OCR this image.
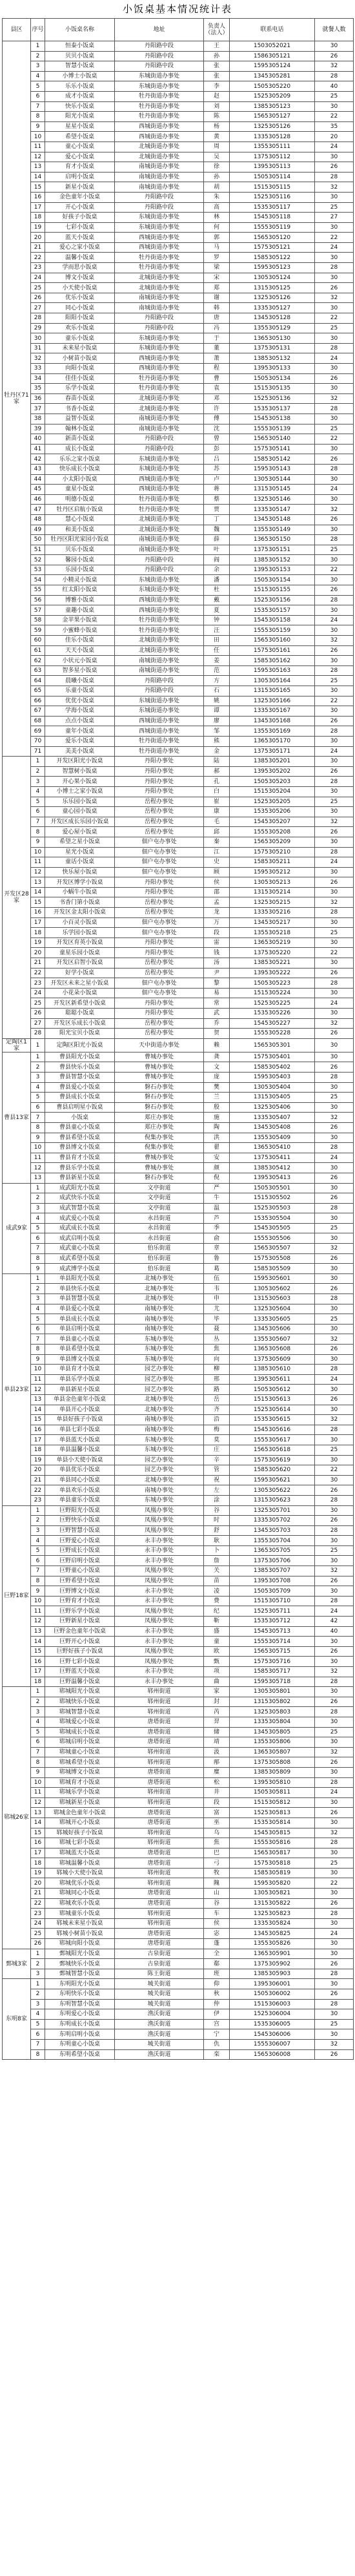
小饭桌基本情况统计表
县区	序号	小饭桌名称	地址	负责人（法人）	联系电话	就餐人数
牡丹区71家	1	恒泰小饭桌	丹阳路中段	王	1503052021	30
	2	贝贝小饭桌	丹阳路中段	孙	1586305121	26
	3	智慧小饭桌	丹阳路中段	张	1595305124	32
	4	小博士小饭桌	东城街道办事处	张	1345305281	28
	5	乐乐小饭桌	东城街道办事处	李	1505305220	40
	6	成才小饭桌	牡丹街道办事处	赵	1525305209	25
	7	快乐小饭桌	牡丹街道办事处	刘	1385305123	30
	8	阳光小饭桌	牡丹街道办事处	陈	1565305127	22
	9	星星小饭桌	西城街道办事处	杨	1325305126	35
	10	希望小饭桌	西城街道办事处	黄	1335305128	20
	11	童心小饭桌	北城街道办事处	周	1355305111	24
	12	爱心小饭桌	北城街道办事处	吴	1375305112	30
	13	育才小饭桌	南城街道办事处	徐	1395305113	26
	14	启明小饭桌	南城街道办事处	孙	1505305114	28
	15	新星小饭桌	南城街道办事处	胡	1515305115	32
	16	金色童年小饭桌	丹阳路中段	朱	1525305116	30
	17	开心小饭桌	丹阳路中段	高	1535305117	25
	18	好孩子小饭桌	东城街道办事处	林	1545305118	27
	19	七彩小饭桌	东城街道办事处	何	1555305119	30
	20	蓝天小饭桌	西城街道办事处	郭	1565305120	22
	21	爱心之家小饭桌	西城街道办事处	马	1575305121	24
	22	温馨小饭桌	牡丹街道办事处	罗	1585305122	30
	23	学而思小饭桌	牡丹街道办事处	梁	1595305123	28
	24	博文小饭桌	北城街道办事处	宋	1305305124	30
	25	小天使小饭桌	北城街道办事处	郑	1315305125	26
	26	优乐小饭桌	南城街道办事处	谢	1325305126	32
	27	同心小饭桌	南城街道办事处	韩	1335305127	30
	28	阳阳小饭桌	丹阳路中段	唐	1345305128	22
	29	欢乐小饭桌	丹阳路中段	冯	1355305129	25
	30	童乐小饭桌	东城街道办事处	于	1365305130	30
	31	未来星小饭桌	东城街道办事处	董	1375305131	28
	32	小树苗小饭桌	西城街道办事处	萧	1385305132	24
	33	向阳小饭桌	西城街道办事处	程	1395305133	30
	34	佳佳小饭桌	牡丹街道办事处	曹	1505305134	26
	35	乐学小饭桌	牡丹街道办事处	袁	1515305135	30
	36	春苗小饭桌	北城街道办事处	邓	1525305136	32
	37	书香小饭桌	北城街道办事处	许	1535305137	28
	38	益智小饭桌	南城街道办事处	傅	1545305138	30
	39	翰林小饭桌	南城街道办事处	沈	1555305139	25
	40	新苗小饭桌	丹阳路中段	曾	1565305140	22
	41	成长小饭桌	丹阳路中段	彭	1575305141	30
	42	乐乐之家小饭桌	东城街道办事处	吕	1585305142	26
	43	快乐成长小饭桌	东城街道办事处	苏	1595305143	28
	44	小太阳小饭桌	西城街道办事处	卢	1305305144	30
	45	童星小饭桌	西城街道办事处	蒋	1315305145	24
	46	明德小饭桌	牡丹街道办事处	蔡	1325305146	30
	47	牡丹区启航小饭桌	牡丹街道办事处	贾	1335305147	32
	48	慧心小饭桌	北城街道办事处	丁	1345305148	26
	49	和美小饭桌	北城街道办事处	魏	1355305149	30
	50	牡丹区阳光家园小饭桌	南城街道办事处	薛	1365305150	28
	51	贝乐小饭桌	南城街道办事处	叶	1375305151	25
	52	馨园小饭桌	丹阳路中段	阎	1385305152	30
	53	乐园小饭桌	丹阳路中段	余	1395305153	22
	54	小精灵小饭桌	东城街道办事处	潘	1505305154	30
	55	红太阳小饭桌	东城街道办事处	杜	1515305155	26
	56	博雅小饭桌	西城街道办事处	戴	1525305156	28
	57	童趣小饭桌	西城街道办事处	夏	1535305157	30
	58	金苹果小饭桌	牡丹街道办事处	钟	1545305158	24
	59	小蜜蜂小饭桌	牡丹街道办事处	汪	1555305159	30
	60	佳乐小饭桌	北城街道办事处	田	1565305160	32
	61	天天小饭桌	北城街道办事处	任	1575305161	26
	62	小状元小饭桌	南城街道办事处	姜	1585305162	30
	63	智多星小饭桌	南城街道办事处	范	1595305163	28
	64	晨曦小饭桌	丹阳路中段	方	1305305164	25
	65	乐童小饭桌	丹阳路中段	石	1315305165	30
	66	优优小饭桌	东城街道办事处	姚	1325305166	22
	67	学海小饭桌	东城街道办事处	谭	1335305167	30
	68	点点小饭桌	西城街道办事处	廖	1345305168	26
	69	童年小饭桌	西城街道办事处	邹	1355305169	28
	70	爱乐小饭桌	牡丹街道办事处	熊	1365305170	30
	71	美美小饭桌	牡丹街道办事处	金	1375305171	24
开发区28家	1	开发区阳光小饭桌	丹阳办事处	陆	1385305201	30
	2	智慧树小饭桌	丹阳办事处	郝	1395305202	26
	3	开心果小饭桌	丹阳办事处	孔	1505305203	28
	4	小博士之家小饭桌	丹阳办事处	白	1515305204	30
	5	乐乐园小饭桌	岳程办事处	崔	1525305205	25
	6	童心园小饭桌	岳程办事处	康	1535305206	30
	7	开发区成长乐园小饭桌	岳程办事处	毛	1545305207	32
	8	爱心屋小饭桌	岳程办事处	邱	1555305208	26
	9	希望之星小饭桌	佃户屯办事处	秦	1565305209	30
	10	星光小饭桌	佃户屯办事处	江	1575305210	28
	11	童话小饭桌	佃户屯办事处	史	1585305211	24
	12	快乐屋小饭桌	佃户屯办事处	顾	1595305212	30
	13	开发区博学小饭桌	丹阳办事处	侯	1305305213	26
	14	小蜗牛小饭桌	丹阳办事处	邵	1315305214	30
	15	书香门第小饭桌	岳程办事处	孟	1325305215	32
	16	开发区金太阳小饭桌	岳程办事处	龙	1335305216	28
	17	小百灵小饭桌	佃户屯办事处	万	1345305217	30
	18	乐学园小饭桌	佃户屯办事处	段	1355305218	25
	19	开发区育英小饭桌	丹阳办事处	雷	1365305219	30
	20	童星乐园小饭桌	丹阳办事处	钱	1375305220	22
	21	开发区启智小饭桌	岳程办事处	汤	1385305221	30
	22	好学小饭桌	岳程办事处	尹	1395305222	26
	23	开发区未来之星小饭桌	佃户屯办事处	黎	1505305223	28
	24	小花朵小饭桌	佃户屯办事处	易	1515305224	30
	25	开发区新希望小饭桌	丹阳办事处	常	1525305225	24
	26	聪聪小饭桌	丹阳办事处	武	1535305226	30
	27	开发区乐成长小饭桌	岳程办事处	乔	1545305227	32
	28	阳光宝贝小饭桌	岳程办事处	贺	1555305228	26
定陶区1家	1	定陶区阳光小饭桌	天中街道办事处	赖	1565305301	30
曹县13家	1	曹县阳光小饭桌	曹城办事处	龚	1575305401	30
	2	曹县快乐小饭桌	曹城办事处	文	1585305402	26
	3	曹县智慧小饭桌	曹城办事处	庞	1595305403	28
	4	曹县爱心小饭桌	磐石办事处	樊	1305305404	30
	5	曹县成长小饭桌	磐石办事处	兰	1315305405	25
	6	曹县启明星小饭桌	磐石办事处	殷	1325305406	30
	7	小饭桌	郑庄办事处	施	1335305407	32
	8	曹县童心小饭桌	郑庄办事处	陶	1345305408	26
	9	曹县希望小饭桌	倪集办事处	洪	1355305409	30
	10	曹县博文小饭桌	倪集办事处	翟	1365305410	28
	11	曹县育才小饭桌	曹城办事处	安	1375305411	24
	12	曹县乐学小饭桌	曹城办事处	颜	1385305412	30
	13	曹县新星小饭桌	磐石办事处	倪	1395305413	26
成武9家	1	成武阳光小饭桌	文亭街道	严	1505305501	30
	2	成武快乐小饭桌	文亭街道	牛	1515305502	26
	3	成武智慧小饭桌	文亭街道	温	1525305503	28
	4	成武爱心小饭桌	永昌街道	芦	1535305504	30
	5	成武成长小饭桌	永昌街道	季	1545305505	25
	6	成武启明小饭桌	永昌街道	俞	1555305506	30
	7	成武童心小饭桌	伯乐街道	章	1565305507	32
	8	成武希望小饭桌	伯乐街道	鲁	1575305508	26
	9	成武博学小饭桌	伯乐街道	葛	1585305509	30
单县23家	1	单县阳光小饭桌	北城办事处	伍	1595305601	30
	2	单县快乐小饭桌	北城办事处	韦	1305305602	26
	3	单县智慧小饭桌	北城办事处	申	1315305603	28
	4	单县爱心小饭桌	南城办事处	尤	1325305604	30
	5	单县成长小饭桌	南城办事处	毕	1335305605	25
	6	单县启明小饭桌	南城办事处	聂	1345305606	30
	7	单县童心小饭桌	东城办事处	丛	1355305607	32
	8	单县希望小饭桌	东城办事处	焦	1365305608	26
	9	单县博文小饭桌	东城办事处	向	1375305609	30
	10	单县育才小饭桌	园艺办事处	柳	1385305610	28
	11	单县乐学小饭桌	园艺办事处	邢	1395305611	24
	12	单县新星小饭桌	园艺办事处	路	1505305612	30
	13	单县金色童年小饭桌	北城办事处	岳	1515305613	26
	14	单县开心小饭桌	北城办事处	齐	1525305614	30
	15	单县好孩子小饭桌	南城办事处	沿	1535305615	32
	16	单县七彩小饭桌	南城办事处	梅	1545305616	28
	17	单县蓝天小饭桌	东城办事处	莫	1555305617	30
	18	单县温馨小饭桌	东城办事处	庄	1565305618	25
	19	单县小天使小饭桌	园艺办事处	辛	1575305619	30
	20	单县优乐小饭桌	园艺办事处	管	1585305620	22
	21	单县同心小饭桌	北城办事处	祝	1595305621	30
	22	单县欢乐小饭桌	南城办事处	左	1305305622	26
	23	单县童乐小饭桌	东城办事处	涂	1315305623	28
巨野18家	1	巨野阳光小饭桌	凤凰办事处	谷	1325305701	30
	2	巨野快乐小饭桌	凤凰办事处	时	1335305702	26
	3	巨野智慧小饭桌	凤凰办事处	舒	1345305703	28
	4	巨野爱心小饭桌	永丰办事处	耿	1355305704	30
	5	巨野成长小饭桌	永丰办事处	卜	1365305705	25
	6	巨野启明小饭桌	永丰办事处	詹	1375305706	30
	7	巨野童心小饭桌	凤凰办事处	关	1385305707	32
	8	巨野希望小饭桌	凤凰办事处	苗	1395305708	26
	9	巨野博文小饭桌	永丰办事处	凌	1505305709	30
	10	巨野育才小饭桌	永丰办事处	费	1515305710	28
	11	巨野乐学小饭桌	凤凰办事处	纪	1525305711	24
	12	巨野新星小饭桌	凤凰办事处	靳	1535305712	42
	13	巨野金色童年小饭桌	永丰办事处	盛	1545305713	40
	14	巨野开心小饭桌	永丰办事处	童	1555305714	30
	15	巨野好孩子小饭桌	凤凰办事处	欧	1565305715	26
	16	巨野七彩小饭桌	凤凰办事处	甄	1575305716	30
	17	巨野蓝天小饭桌	永丰办事处	项	1585305717	32
	18	巨野温馨小饭桌	永丰办事处	曲	1595305718	28
郓城26家	1	郓城阳光小饭桌	郓州街道	家	1305305801	30
	2	郓城快乐小饭桌	郓州街道	封	1315305802	26
	3	郓城智慧小饭桌	郓州街道	芮	1325305803	28
	4	郓城爱心小饭桌	唐塔街道	羿	1335305804	30
	5	郓城成长小饭桌	唐塔街道	储	1345305805	25
	6	郓城启明小饭桌	唐塔街道	靖	1355305806	30
	7	郓城童心小饭桌	郓州街道	汲	1365305807	32
	8	郓城希望小饭桌	郓州街道	邴	1375305808	26
	9	郓城博文小饭桌	唐塔街道	糜	1385305809	30
	10	郓城育才小饭桌	唐塔街道	松	1395305810	28
	11	郓城乐学小饭桌	郓州街道	井	1505305811	24
	12	郓城新星小饭桌	郓州街道	段	1515305812	30
	13	郓城金色童年小饭桌	唐塔街道	富	1525305813	26
	14	郓城开心小饭桌	唐塔街道	巫	1535305814	30
	15	郓城好孩子小饭桌	郓州街道	乌	1545305815	32
	16	郓城七彩小饭桌	郓州街道	焦	1555305816	28
	17	郓城蓝天小饭桌	唐塔街道	巴	1565305817	30
	18	郓城温馨小饭桌	唐塔街道	弓	1575305818	25
	19	郓城小天使小饭桌	郓州街道	牧	1585305819	30
	20	郓城优乐小饭桌	郓州街道	隗	1595305820	22
	21	郓城同心小饭桌	唐塔街道	山	1305305821	30
	22	郓城欢乐小饭桌	唐塔街道	谷	1315305822	26
	23	郓城童乐小饭桌	郓州街道	车	1325305823	28
	24	郓城未来星小饭桌	郓州街道	侯	1335305824	30
	25	郓城小树苗小饭桌	唐塔街道	宓	1345305825	24
	26	郓城向阳小饭桌	唐塔街道	蓬	1355305826	30
鄄城3家	1	鄄城阳光小饭桌	古泉街道	全	1365305901	30
	2	鄄城快乐小饭桌	古泉街道	郗	1375305902	26
	3	鄄城智慧小饭桌	陈王街道	班	1385305903	28
东明8家	1	东明阳光小饭桌	城关街道	仰	1395306001	30
	2	东明快乐小饭桌	城关街道	秋	1505306002	26
	3	东明智慧小饭桌	城关街道	仲	1515306003	28
	4	东明爱心小饭桌	渔沃街道	伊	1525306004	30
	5	东明成长小饭桌	渔沃街道	宫	1535306005	25
	6	东明启明小饭桌	渔沃街道	宁	1545306006	30
	7	东明童心小饭桌	城关街道	仇	1555306007	32
	8	东明希望小饭桌	渔沃街道	栾	1565306008	26
